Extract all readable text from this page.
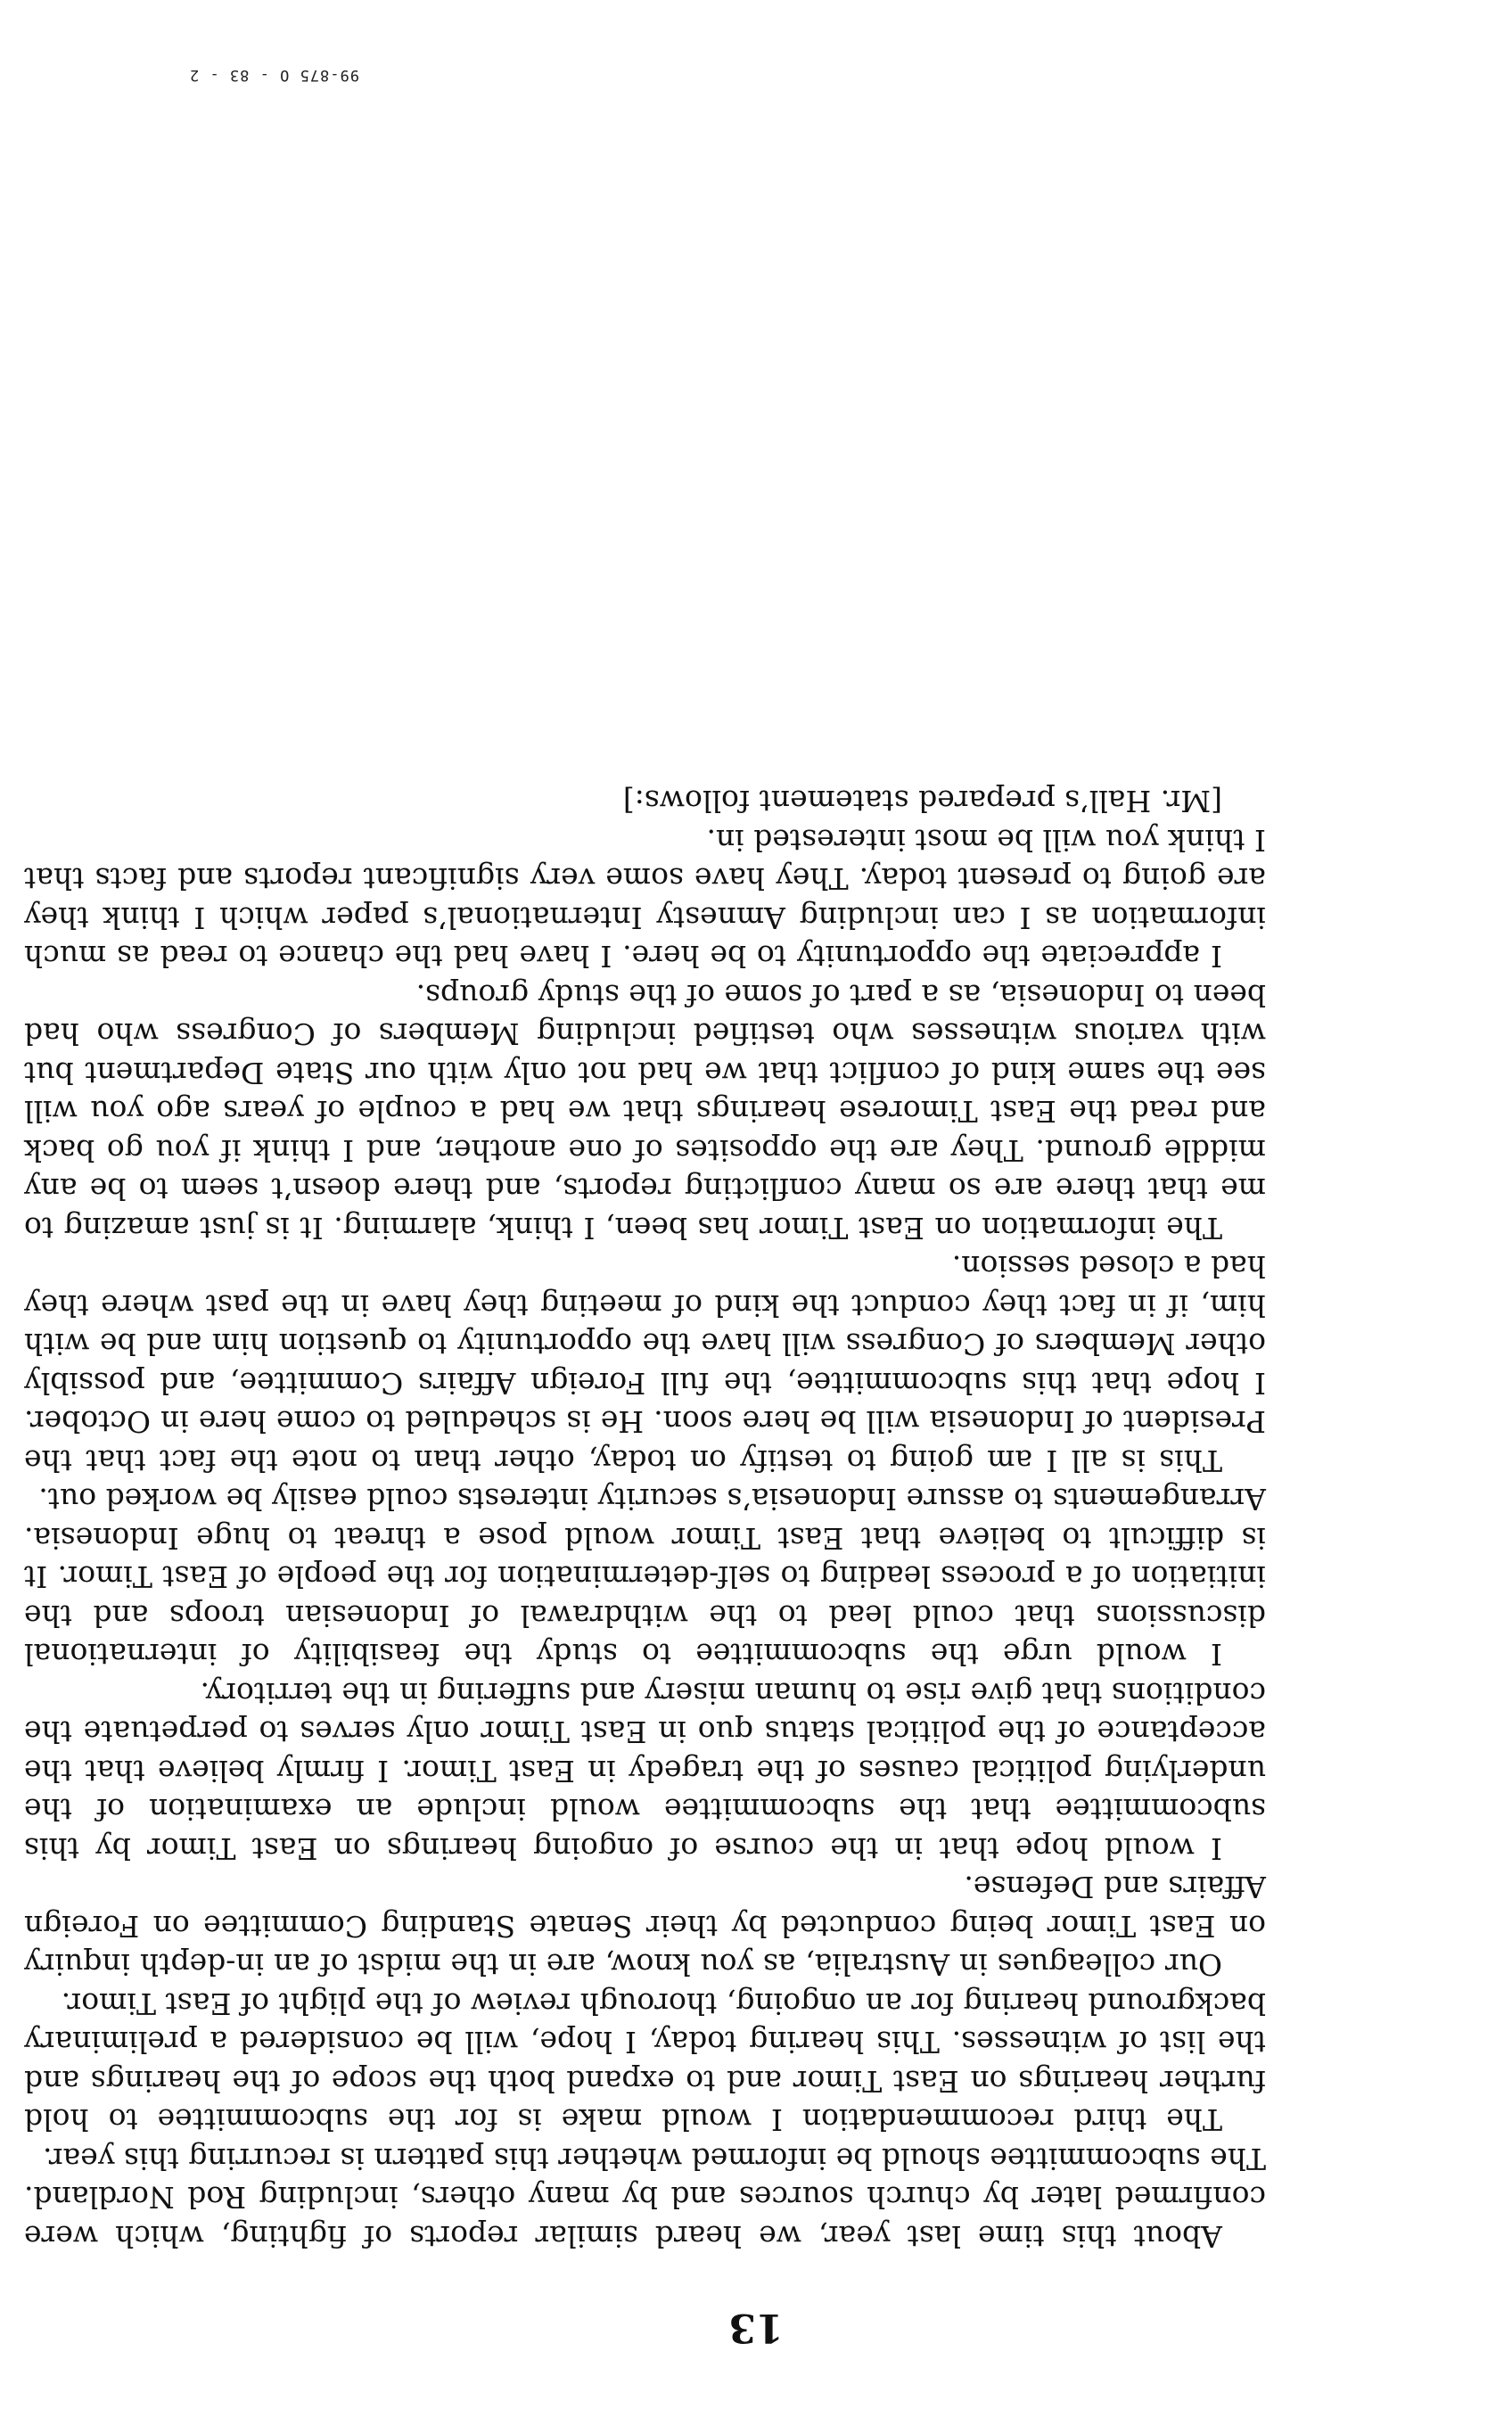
13

About this time last year, we heard similar reports of fighting, which were confirmed later by church sources and by many others, including Rod Nordland. The subcommittee should be informed whether this pattern is recurring this year.

The third recommendation I would make is for the subcommittee to hold further hearings on East Timor and to expand both the scope of the hearings and the list of witnesses. This hearing today, I hope, will be considered a preliminary background hearing for an ongoing, thorough review of the plight of East Timor.

Our colleagues in Australia, as you know, are in the midst of an in-depth inquiry on East Timor being conducted by their Senate Standing Committee on Foreign Affairs and Defense.

I would hope that in the course of ongoing hearings on East Timor by this subcommittee that the subcommittee would include an examination of the underlying political causes of the tragedy in East Timor. I firmly believe that the acceptance of the political status quo in East Timor only serves to perpetuate the conditions that give rise to human misery and suffering in the territory.

I would urge the subcommittee to study the feasibility of international discussions that could lead to the withdrawal of Indonesian troops and the initiation of a process leading to self-determination for the people of East Timor. It is difficult to believe that East Timor would pose a threat to huge Indonesia. Arrangements to assure Indonesia’s security interests could easily be worked out.

This is all I am going to testify on today, other than to note the fact that the President of Indonesia will be here soon. He is scheduled to come here in October. I hope that this subcommittee, the full Foreign Affairs Committee, and possibly other Members of Congress will have the opportunity to question him and be with him, if in fact they conduct the kind of meeting they have in the past where they had a closed session.

The information on East Timor has been, I think, alarming. It is just amazing to me that there are so many conflicting reports, and there doesn’t seem to be any middle ground. They are the opposites of one another, and I think if you go back and read the East Timorese hearings that we had a couple of years ago you will see the same kind of conflict that we had not only with our State Department but with various witnesses who testified including Members of Congress who had been to Indonesia, as a part of some of the study groups.

I appreciate the opportunity to be here. I have had the chance to read as much information as I can including Amnesty International’s paper which I think they are going to present today. They have some very significant reports and facts that I think you will be most interested in.

[Mr. Hall’s prepared statement follows:]

99-875 O - 83 - 2
